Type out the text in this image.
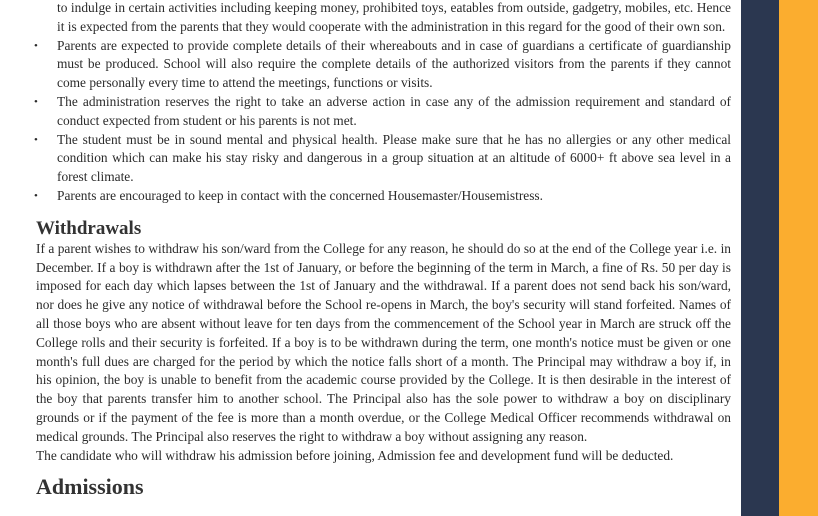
to indulge in certain activities including keeping money, prohibited toys, eatables from outside, gadgetry, mobiles, etc. Hence it is expected from the parents that they would cooperate with the administration in this regard for the good of their own son.
• Parents are expected to provide complete details of their whereabouts and in case of guardians a certificate of guardianship must be produced. School will also require the complete details of the authorized visitors from the parents if they cannot come personally every time to attend the meetings, functions or visits.
• The administration reserves the right to take an adverse action in case any of the admission requirement and standard of conduct expected from student or his parents is not met.
• The student must be in sound mental and physical health. Please make sure that he has no allergies or any other medical condition which can make his stay risky and dangerous in a group situation at an altitude of 6000+ ft above sea level in a forest climate.
• Parents are encouraged to keep in contact with the concerned Housemaster/Housemistress.
Withdrawals

If a parent wishes to withdraw his son/ward from the College for any reason, he should do so at the end of the College year i.e. in December. If a boy is withdrawn after the 1st of January, or before the beginning of the term in March, a fine of Rs. 50 per day is imposed for each day which lapses between the 1st of January and the withdrawal. If a parent does not send back his son/ward, nor does he give any notice of withdrawal before the School re-opens in March, the boy's security will stand forfeited. Names of all those boys who are absent without leave for ten days from the commencement of the School year in March are struck off the College rolls and their security is forfeited. If a boy is to be withdrawn during the term, one month's notice must be given or one month's full dues are charged for the period by which the notice falls short of a month. The Principal may withdraw a boy if, in his opinion, the boy is unable to benefit from the academic course provided by the College. It is then desirable in the interest of the boy that parents transfer him to another school. The Principal also has the sole power to withdraw a boy on disciplinary grounds or if the payment of the fee is more than a month overdue, or the College Medical Officer recommends withdrawal on medical grounds. The Principal also reserves the right to withdraw a boy without assigning any reason.

The candidate who will withdraw his admission before joining, Admission fee and development fund will be deducted.

Admissions
